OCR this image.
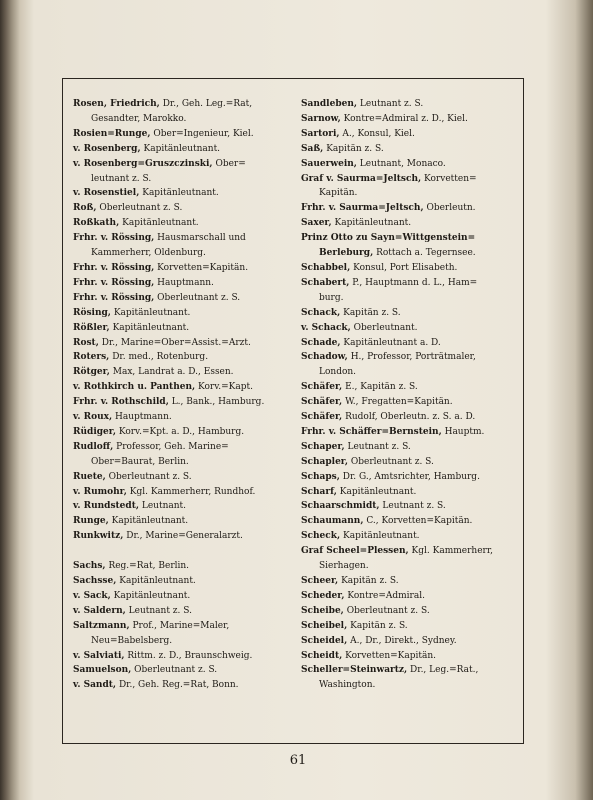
Rosen, Friedrich, Dr., Geh. Leg.=Rat,
Gesandter, Marokko.
Rosien=Runge, Ober=Ingenieur, Kiel.
v. Rosenberg, Kapitänleutnant.
v. Rosenberg=Gruszczinski, Ober=
leutnant z. S.
v. Rosenstiel, Kapitänleutnant.
Roß, Oberleutnant z. S.
Roßkath, Kapitänleutnant.
Frhr. v. Rössing, Hausmarschall und
Kammerherr, Oldenburg.
Frhr. v. Rössing, Korvetten=Kapitän.
Frhr. v. Rössing, Hauptmann.
Frhr. v. Rössing, Oberleutnant z. S.
Rösing, Kapitänleutnant.
Rößler, Kapitänleutnant.
Rost, Dr., Marine=Ober=Assist.=Arzt.
Roters, Dr. med., Rotenburg.
Rötger, Max, Landrat a. D., Essen.
v. Rothkirch u. Panthen, Korv.=Kapt.
Frhr. v. Rothschild, L., Bank., Hamburg.
v. Roux, Hauptmann.
Rüdiger, Korv.=Kpt. a. D., Hamburg.
Rudloff, Professor, Geh. Marine=
Ober=Baurat, Berlin.
Ruete, Oberleutnant z. S.
v. Rumohr, Kgl. Kammerherr, Rundhof.
v. Rundstedt, Leutnant.
Runge, Kapitänleutnant.
Runkwitz, Dr., Marine=Generalarzt.
Sachs, Reg.=Rat, Berlin.
Sachsse, Kapitänleutnant.
v. Sack, Kapitänleutnant.
v. Saldern, Leutnant z. S.
Saltzmann, Prof., Marine=Maler,
Neu=Babelsberg.
v. Salviati, Rittm. z. D., Braunschweig.
Samuelson, Oberleutnant z. S.
v. Sandt, Dr., Geh. Reg.=Rat, Bonn.
Sandleben, Leutnant z. S.
Sarnow, Kontre=Admiral z. D., Kiel.
Sartori, A., Konsul, Kiel.
Saß, Kapitän z. S.
Sauerwein, Leutnant, Monaco.
Graf v. Saurma=Jeltsch, Korvetten=
Kapitän.
Frhr. v. Saurma=Jeltsch, Oberleutn.
Saxer, Kapitänleutnant.
Prinz Otto zu Sayn=Wittgenstein=
Berleburg, Rottach a. Tegernsee.
Schabbel, Konsul, Port Elisabeth.
Schabert, P., Hauptmann d. L., Ham=
burg.
Schack, Kapitän z. S.
v. Schack, Oberleutnant.
Schade, Kapitänleutnant a. D.
Schadow, H., Professor, Porträtmaler,
London.
Schäfer, E., Kapitän z. S.
Schäfer, W., Fregatten=Kapitän.
Schäfer, Rudolf, Oberleutn. z. S. a. D.
Frhr. v. Schäffer=Bernstein, Hauptm.
Schaper, Leutnant z. S.
Schapler, Oberleutnant z. S.
Schaps, Dr. G., Amtsrichter, Hamburg.
Scharf, Kapitänleutnant.
Schaarschmidt, Leutnant z. S.
Schaumann, C., Korvetten=Kapitän.
Scheck, Kapitänleutnant.
Graf Scheel=Plessen, Kgl. Kammerherr,
Sierhagen.
Scheer, Kapitän z. S.
Scheder, Kontre=Admiral.
Scheibe, Oberleutnant z. S.
Scheibel, Kapitän z. S.
Scheidel, A., Dr., Direkt., Sydney.
Scheidt, Korvetten=Kapitän.
Scheller=Steinwartz, Dr., Leg.=Rat.,
Washington.
61
